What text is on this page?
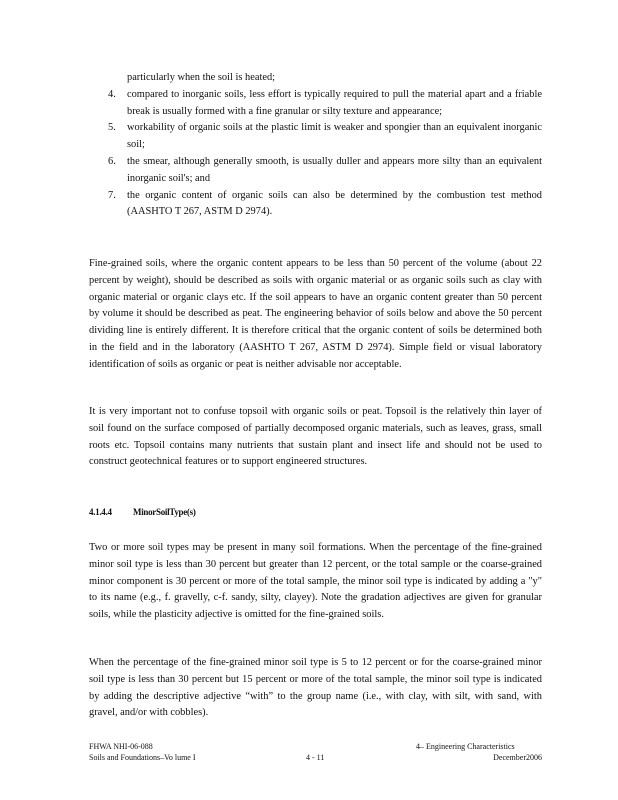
particularly when the soil is heated;
4. compared to inorganic soils, less effort is typically required to pull the material apart and a friable break is usually formed with a fine granular or silty texture and appearance;
5. workability of organic soils at the plastic limit is weaker and spongier than an equivalent inorganic soil;
6. the smear, although generally smooth, is usually duller and appears more silty than an equivalent inorganic soil's; and
7. the organic content of organic soils can also be determined by the combustion test method (AASHTO T 267, ASTM D 2974).

Fine-grained soils, where the organic content appears to be less than 50 percent of the volume (about 22 percent by weight), should be described as soils with organic material or as organic soils such as clay with organic material or organic clays etc. If the soil appears to have an organic content greater than 50 percent by volume it should be described as peat. The engineering behavior of soils below and above the 50 percent dividing line is entirely different. It is therefore critical that the organic content of soils be determined both in the field and in the laboratory (AASHTO T 267, ASTM D 2974). Simple field or visual laboratory identification of soils as organic or peat is neither advisable nor acceptable.

It is very important not to confuse topsoil with organic soils or peat. Topsoil is the relatively thin layer of soil found on the surface composed of partially decomposed organic materials, such as leaves, grass, small roots etc. Topsoil contains many nutrients that sustain plant and insect life and should not be used to construct geotechnical features or to support engineered structures.

4.1.4.4 MinorSoilType(s)

Two or more soil types may be present in many soil formations. When the percentage of the fine-grained minor soil type is less than 30 percent but greater than 12 percent, or the total sample or the coarse-grained minor component is 30 percent or more of the total sample, the minor soil type is indicated by adding a "y" to its name (e.g., f. gravelly, c-f. sandy, silty, clayey). Note the gradation adjectives are given for granular soils, while the plasticity adjective is omitted for the fine-grained soils.

When the percentage of the fine-grained minor soil type is 5 to 12 percent or for the coarse-grained minor soil type is less than 30 percent but 15 percent or more of the total sample, the minor soil type is indicated by adding the descriptive adjective “with” to the group name (i.e., with clay, with silt, with sand, with gravel, and/or with cobbles).

FHWA NHI-06-088
Soils and Foundations–Vo lume I	4 - 11
4– Engineering Characteristics
December2006
